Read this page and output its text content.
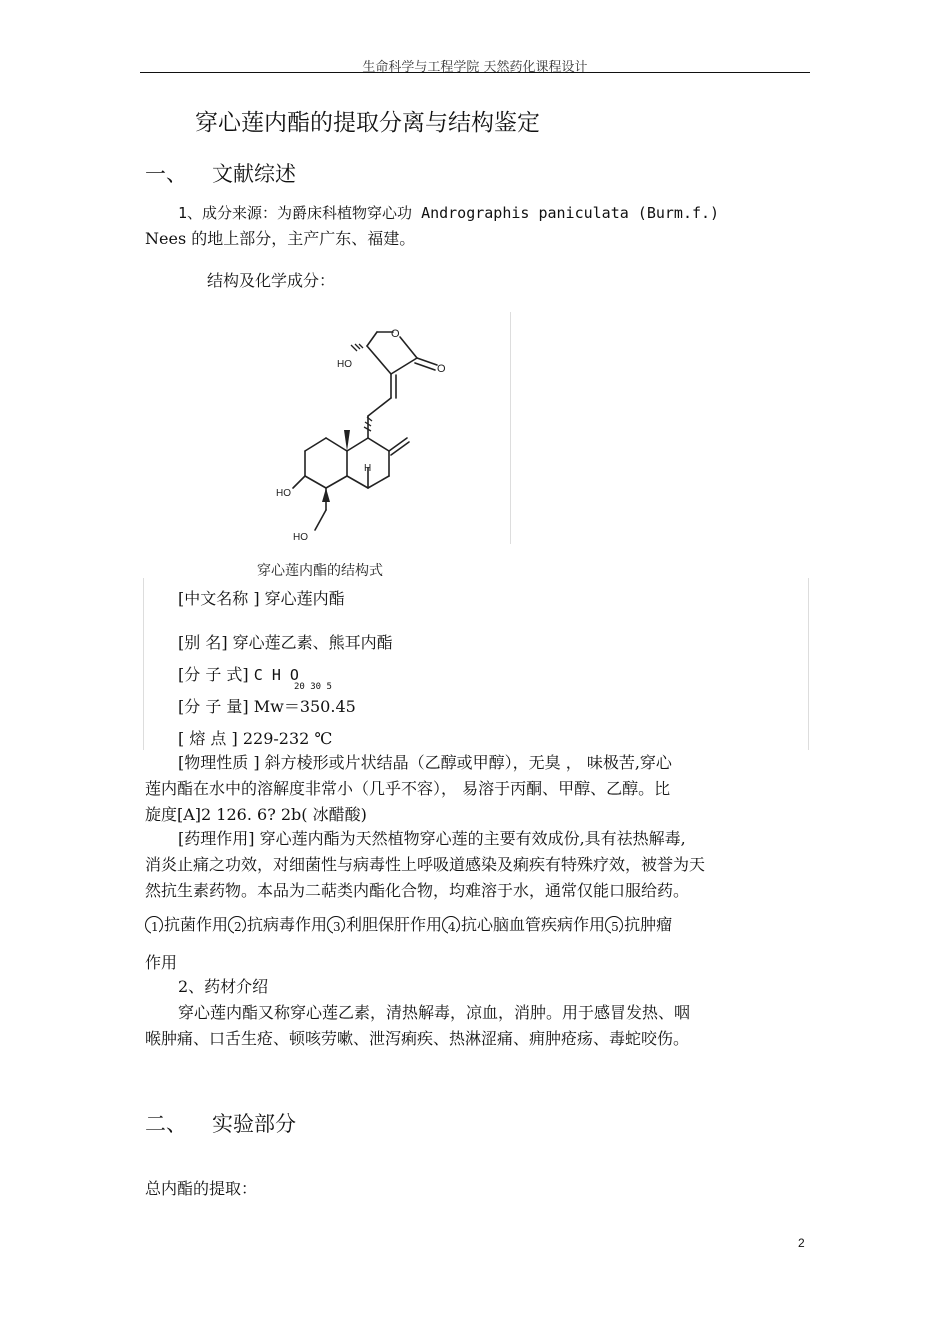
生命科学与工程学院 天然药化课程设计
穿心莲内酯的提取分离与结构鉴定
一、 文献综述
1、成分来源：为爵床科植物穿心功 Andrographis paniculata (Burm.f.)
Nees 的地上部分，主产广东、福建。
结构及化学成分：
HO
O
O
H
HO
HO
穿心莲内酯的结构式
[中文名称 ] 穿心莲内酯
[别 名] 穿心莲乙素、熊耳内酯
[分 子 式] C H O
20 30 5
[分 子 量] Mw＝350.45
[ 熔 点 ] 229-232 ℃
[物理性质 ] 斜方棱形或片状结晶（乙醇或甲醇），无臭 ， 味极苦,穿心
莲内酯在水中的溶解度非常小（几乎不容）， 易溶于丙酮、甲醇、乙醇。比
旋度[A]2 126. 6? 2b( 冰醋酸)
[药理作用] 穿心莲内酯为天然植物穿心莲的主要有效成份,具有祛热解毒,
消炎止痛之功效，对细菌性与病毒性上呼吸道感染及痢疾有特殊疗效，被誉为天
然抗生素药物。本品为二萜类内酯化合物，均难溶于水，通常仅能口服给药。
1 抗菌作用 2 抗病毒作用 3 利胆保肝作用 4 抗心脑血管疾病作用 5 抗肿瘤
作用
2、药材介绍
穿心莲内酯又称穿心莲乙素，清热解毒，凉血，消肿。用于感冒发热、咽
喉肿痛、口舌生疮、顿咳劳嗽、泄泻痢疾、热淋涩痛、痈肿疮疡、毒蛇咬伤。
二、 实验部分
总内酯的提取：
2
